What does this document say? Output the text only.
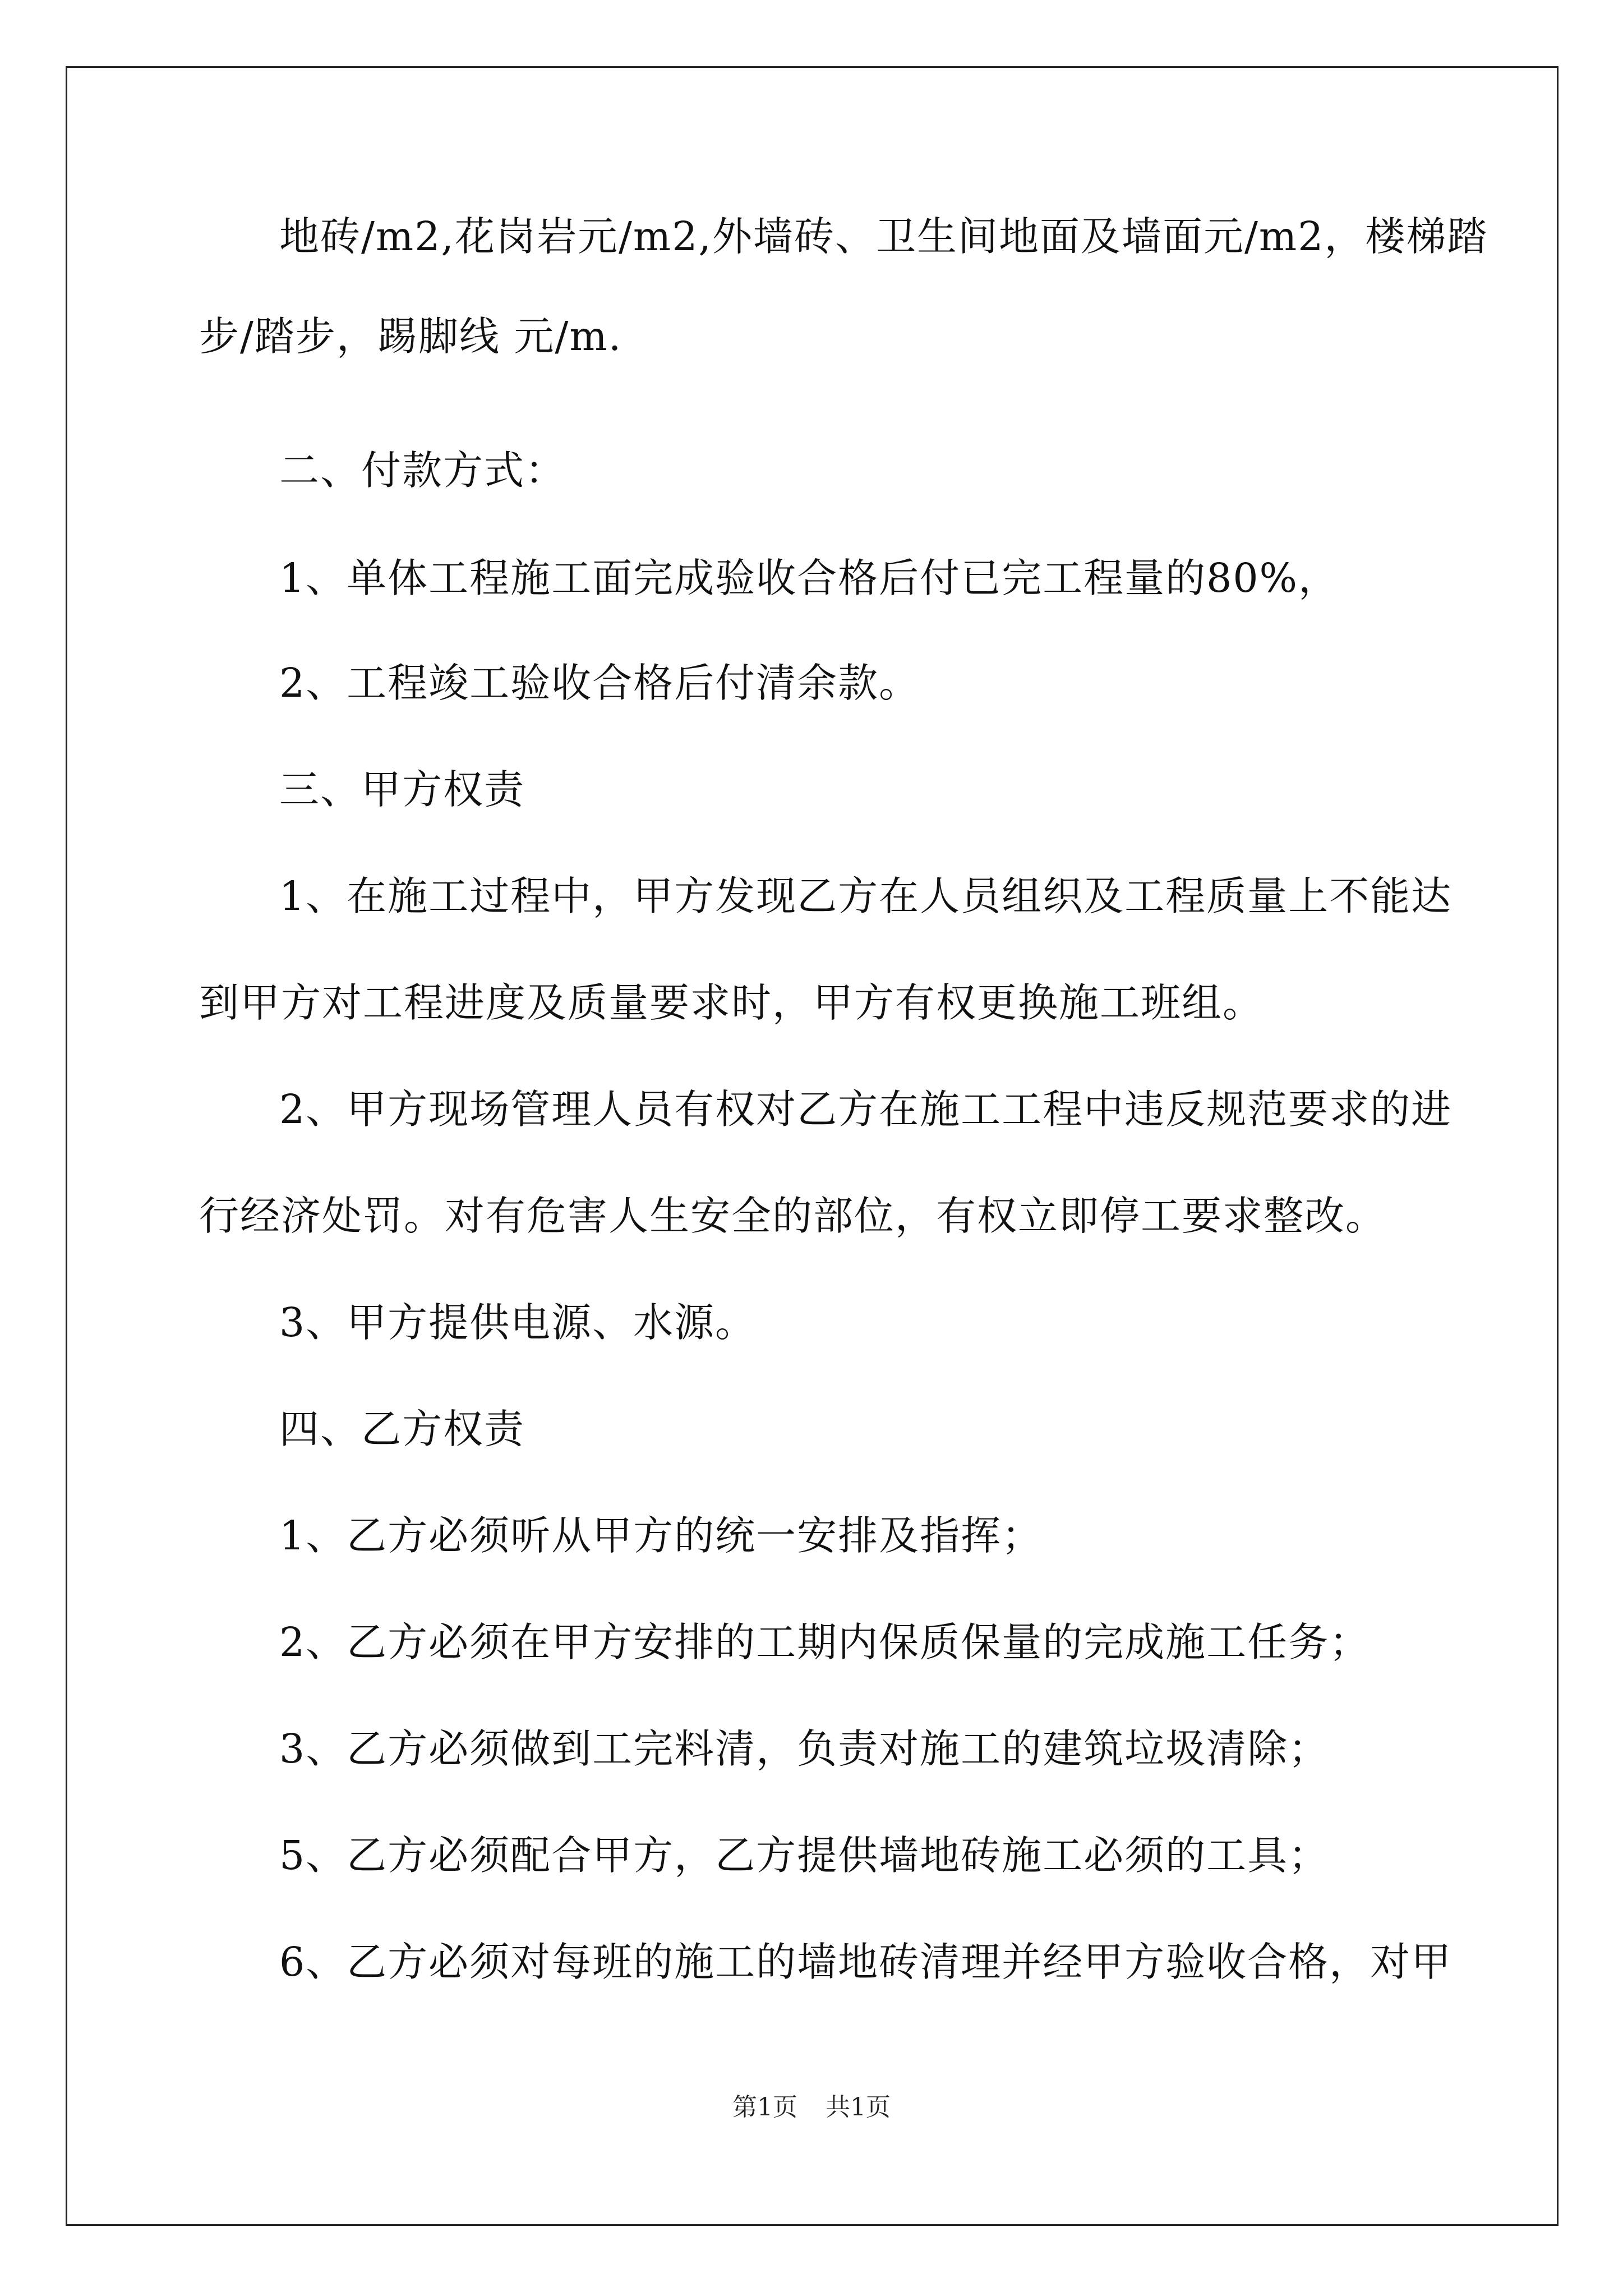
地砖/m2,花岗岩元/m2,外墙砖、卫生间地面及墙面元/m2，楼梯踏
步/踏步，踢脚线 元/m.
二、付款方式：
1、单体工程施工面完成验收合格后付已完工程量的80%，
2、工程竣工验收合格后付清余款。
三、甲方权责
1、在施工过程中，甲方发现乙方在人员组织及工程质量上不能达
到甲方对工程进度及质量要求时，甲方有权更换施工班组。
2、甲方现场管理人员有权对乙方在施工工程中违反规范要求的进
行经济处罚。对有危害人生安全的部位，有权立即停工要求整改。
3、甲方提供电源、水源。
四、乙方权责
1、乙方必须听从甲方的统一安排及指挥；
2、乙方必须在甲方安排的工期内保质保量的完成施工任务；
3、乙方必须做到工完料清，负责对施工的建筑垃圾清除；
5、乙方必须配合甲方，乙方提供墙地砖施工必须的工具；
6、乙方必须对每班的施工的墙地砖清理并经甲方验收合格，对甲
第1页 共1页
